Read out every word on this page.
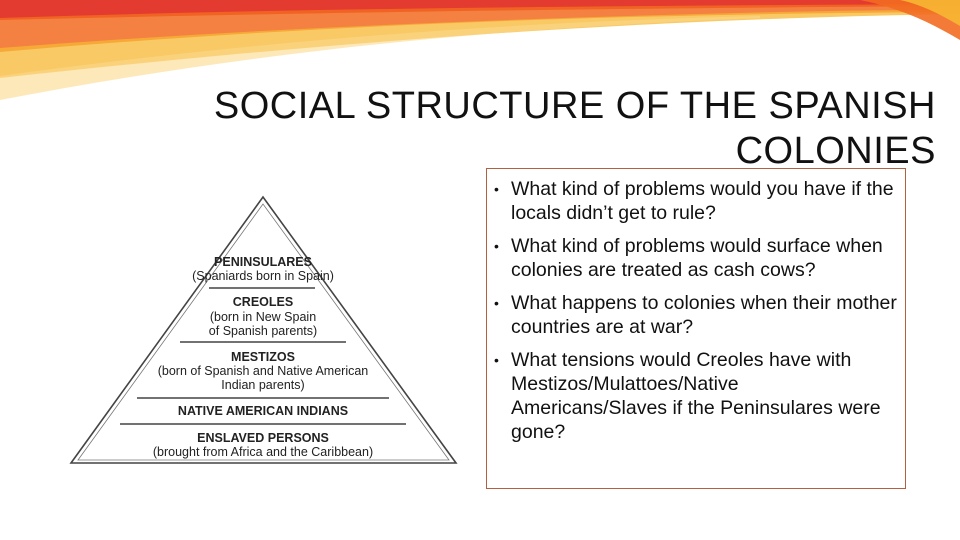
SOCIAL STRUCTURE OF THE SPANISH
COLONIES
PENINSULARES
(Spaniards born in Spain)
CREOLES
(born in New Spain
of Spanish parents)
MESTIZOS
(born of Spanish and Native American
Indian parents)
NATIVE AMERICAN INDIANS
ENSLAVED PERSONS
(brought from Africa and the Caribbean)
• What kind of problems would you have if the locals didn’t get to rule?
• What kind of problems would surface when colonies are treated as cash cows?
• What happens to colonies when their mother countries are at war?
• What tensions would Creoles have with Mestizos/Mulattoes/Native Americans/Slaves if the Peninsulares were gone?
